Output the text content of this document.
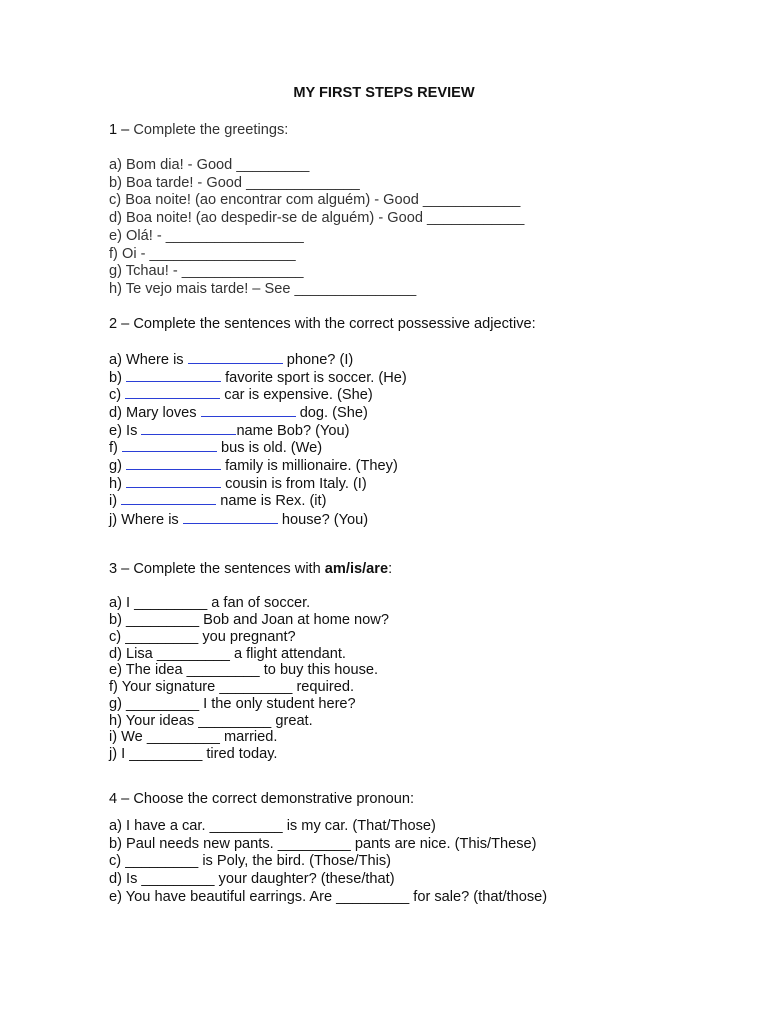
MY FIRST STEPS REVIEW
1 – Complete the greetings:
a) Bom dia! - Good _________
b) Boa tarde! - Good ______________
c) Boa noite! (ao encontrar com alguém) - Good ____________
d) Boa noite! (ao despedir-se de alguém) - Good ____________
e) Olá! - _________________
f) Oi - __________________
g) Tchau! - _______________
h) Te vejo mais tarde! – See _______________
2 – Complete the sentences with the correct possessive adjective:
a) Where is	phone? (I)
b)	favorite sport is soccer. (He)
c)	car is expensive. (She)
d) Mary loves	dog. (She)
e) Is	name Bob? (You)
f)	bus is old. (We)
g)	family is millionaire. (They)
h)	cousin is from Italy. (I)
i)	name is Rex. (it)
j) Where is	house? (You)
3 – Complete the sentences with am/is/are:
a) I _________ a fan of soccer.
b) _________ Bob and Joan at home now?
c) _________ you pregnant?
d) Lisa _________ a flight attendant.
e) The idea _________ to buy this house.
f) Your signature _________ required.
g) _________ I the only student here?
h) Your ideas _________ great.
i) We _________ married.
j) I _________ tired today.
4 – Choose the correct demonstrative pronoun:
a) I have a car. _________ is my car. (That/Those)
b) Paul needs new pants. _________ pants are nice. (This/These)
c) _________ is Poly, the bird. (Those/This)
d) Is _________ your daughter? (these/that)
e) You have beautiful earrings. Are _________ for sale? (that/those)
